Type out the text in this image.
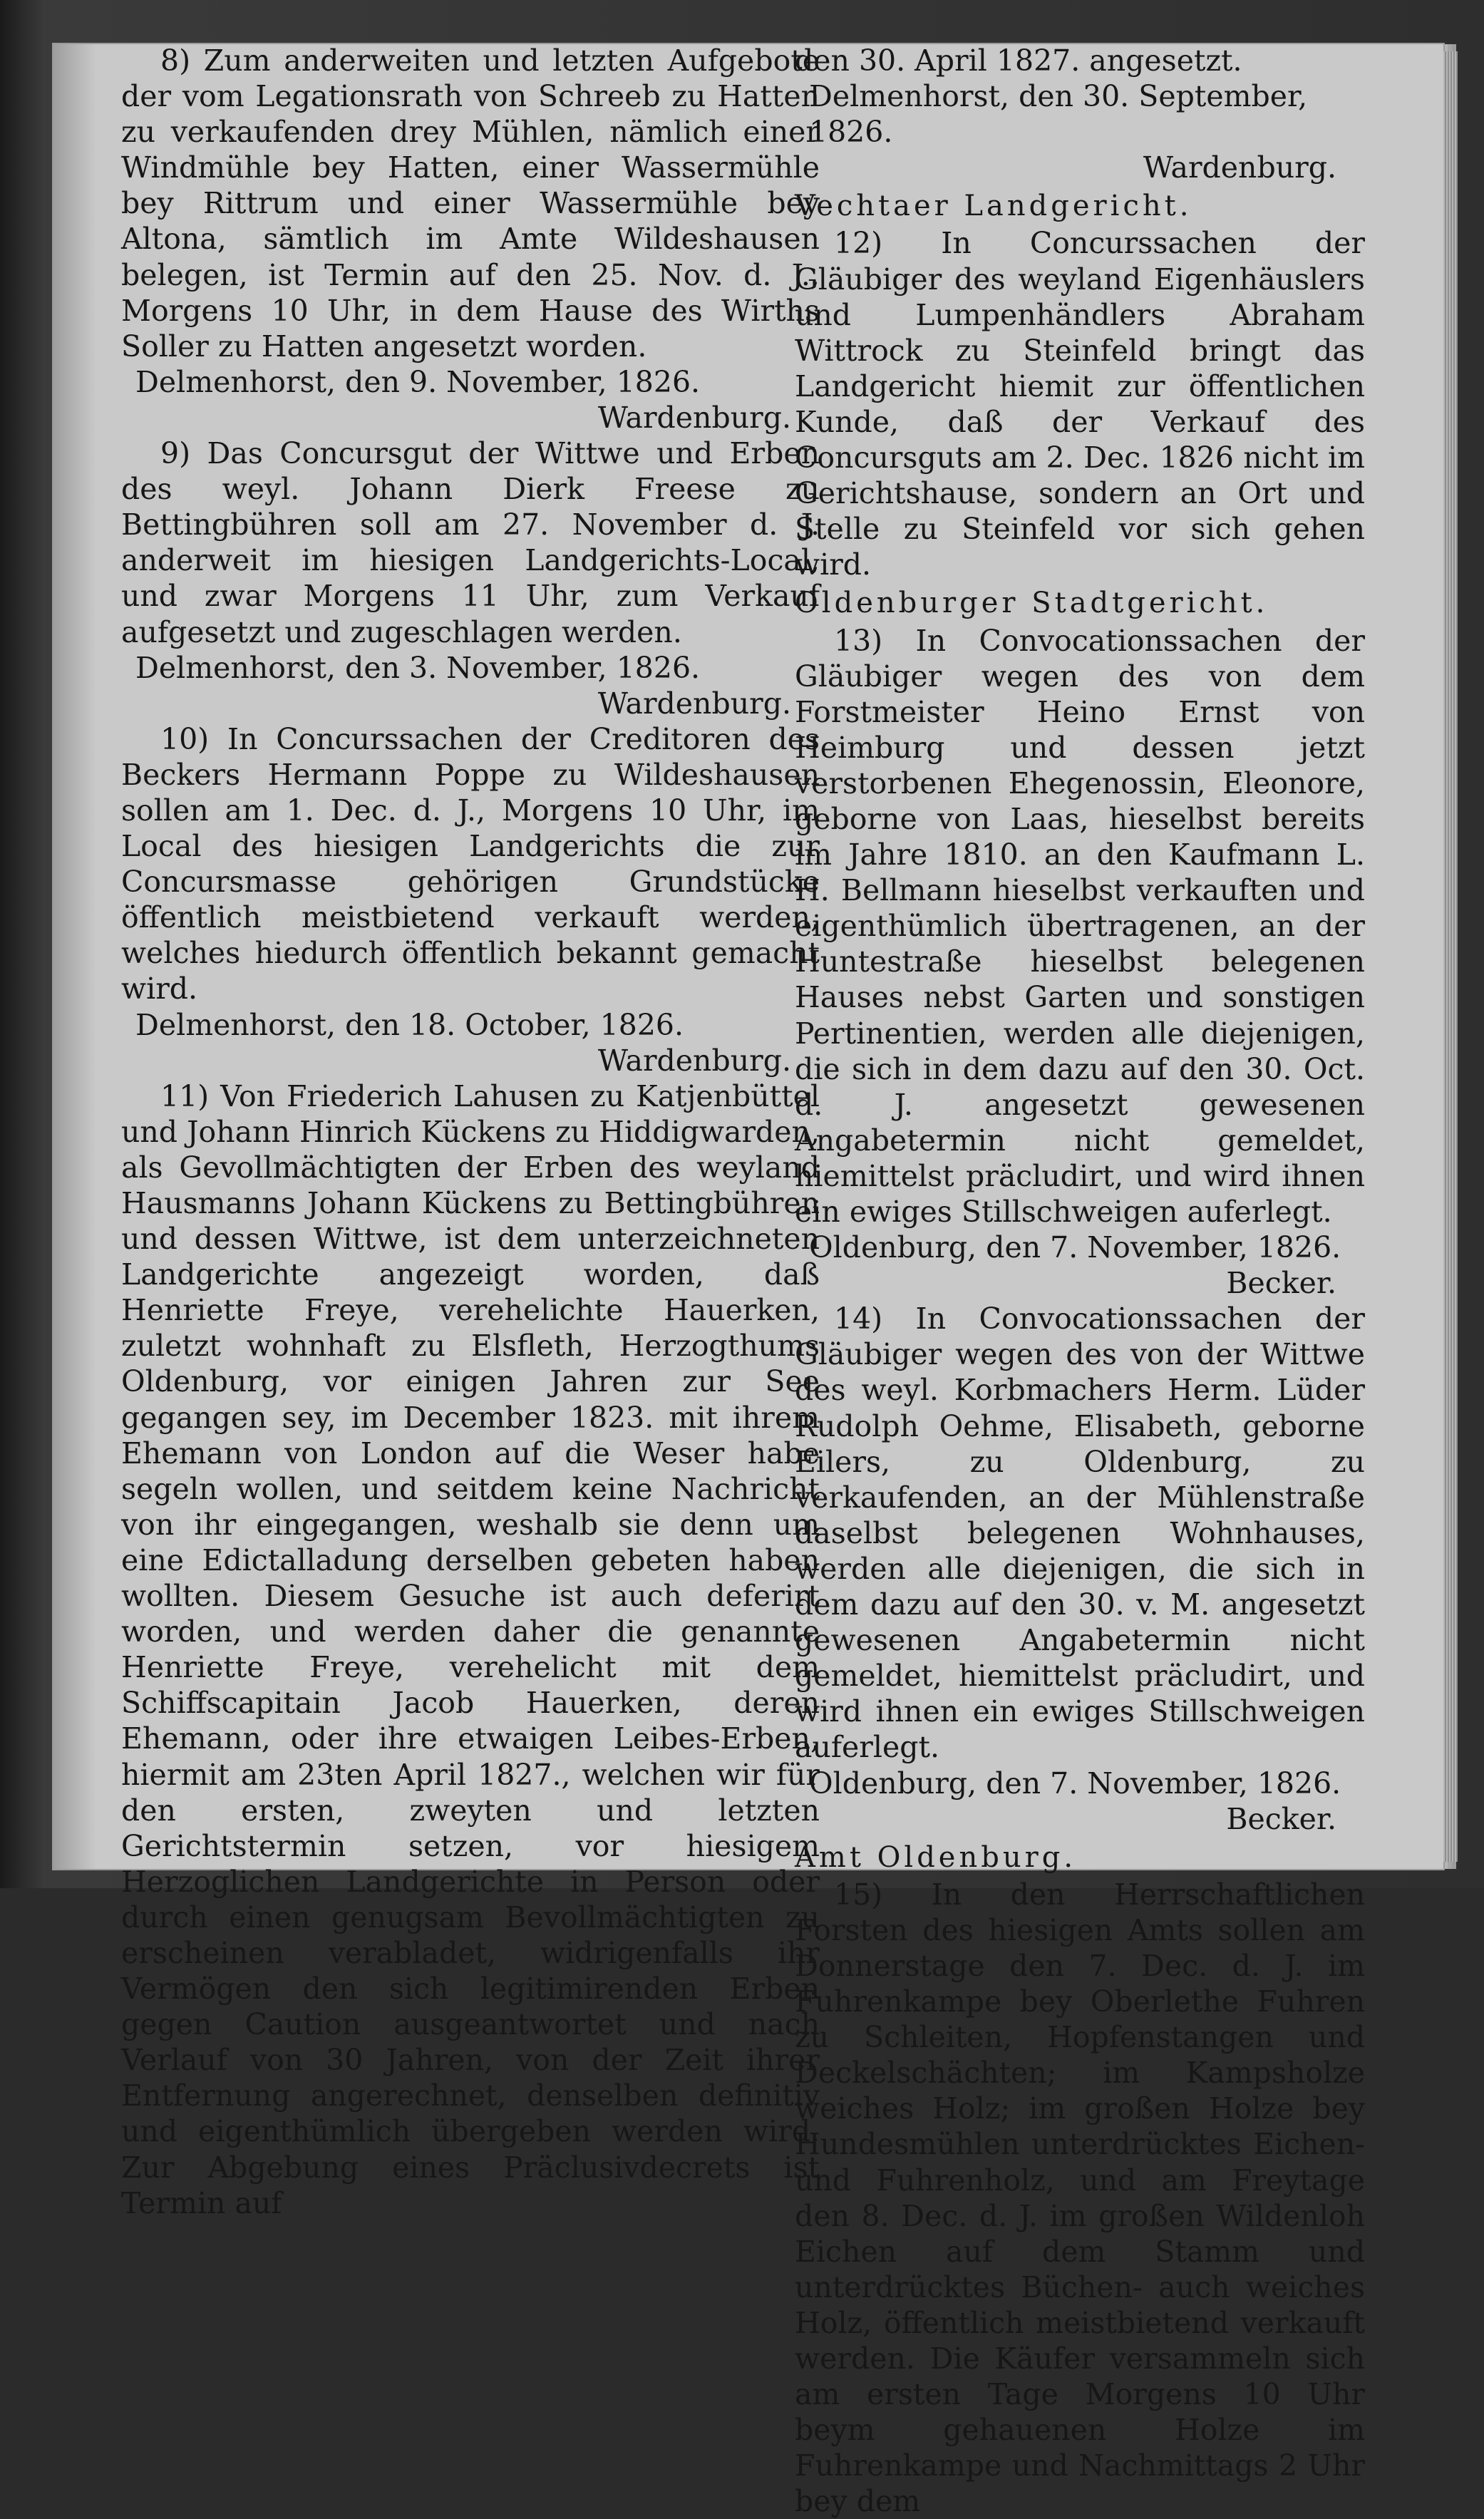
8) Zum anderweiten und letzten Aufgebote der vom Legationsrath von Schreeb zu Hatten zu verkaufenden drey Mühlen, nämlich einer Windmühle bey Hatten, einer Wassermühle bey Rittrum und einer Wassermühle bey Altona, sämtlich im Amte Wildeshausen belegen, ist Termin auf den 25. Nov. d. J., Morgens 10 Uhr, in dem Hause des Wirths Soller zu Hatten angesetzt worden.

Delmenhorst, den 9. November, 1826.

Wardenburg.

9) Das Concursgut der Wittwe und Erben des weyl. Johann Dierk Freese zu Bettingbühren soll am 27. November d. J. anderweit im hiesigen Landgerichts-Local, und zwar Morgens 11 Uhr, zum Verkauf aufgesetzt und zugeschlagen werden.

Delmenhorst, den 3. November, 1826.

Wardenburg.

10) In Concurssachen der Creditoren des Beckers Hermann Poppe zu Wildeshausen sollen am 1. Dec. d. J., Morgens 10 Uhr, im Local des hiesigen Landgerichts die zur Concursmasse gehörigen Grundstücke öffentlich meistbietend verkauft werden, welches hiedurch öffentlich bekannt gemacht wird.

Delmenhorst, den 18. October, 1826.

Wardenburg.

11) Von Friederich Lahusen zu Katjenbüttel und Johann Hinrich Kückens zu Hiddigwarden, als Gevollmächtigten der Erben des weyland Hausmanns Johann Kückens zu Bettingbühren und dessen Wittwe, ist dem unterzeichneten Landgerichte angezeigt worden, daß Henriette Freye, verehelichte Hauerken, zuletzt wohnhaft zu Elsfleth, Herzogthums Oldenburg, vor einigen Jahren zur See gegangen sey, im December 1823. mit ihrem Ehemann von London auf die Weser habe segeln wollen, und seitdem keine Nachricht von ihr eingegangen, weshalb sie denn um eine Edictalladung derselben gebeten haben wollten. Diesem Gesuche ist auch deferirt worden, und werden daher die genannte Henriette Freye, verehelicht mit dem Schiffscapitain Jacob Hauerken, deren Ehemann, oder ihre etwaigen Leibes-Erben, hiermit am 23ten April 1827., welchen wir für den ersten, zweyten und letzten Gerichtstermin setzen, vor hiesigem Herzoglichen Landgerichte in Person oder durch einen genugsam Bevollmächtigten zu erscheinen verabladet, widrigenfalls ihr Vermögen den sich legitimirenden Erben gegen Caution ausgeantwortet und nach Verlauf von 30 Jahren, von der Zeit ihrer Entfernung angerechnet, denselben definitiv und eigenthümlich übergeben werden wird. Zur Abgebung eines Präclusivdecrets ist Termin auf

den 30. April 1827. angesetzt.

Delmenhorst, den 30. September, 1826.

Wardenburg.

Vechtaer Landgericht.

12) In Concurssachen der Gläubiger des weyland Eigenhäuslers und Lumpenhändlers Abraham Wittrock zu Steinfeld bringt das Landgericht hiemit zur öffentlichen Kunde, daß der Verkauf des Concursguts am 2. Dec. 1826 nicht im Gerichtshause, sondern an Ort und Stelle zu Steinfeld vor sich gehen wird.

Oldenburger Stadtgericht.

13) In Convocationssachen der Gläubiger wegen des von dem Forstmeister Heino Ernst von Heimburg und dessen jetzt verstorbenen Ehegenossin, Eleonore, geborne von Laas, hieselbst bereits im Jahre 1810. an den Kaufmann L. H. Bellmann hieselbst verkauften und eigenthümlich übertragenen, an der Huntestraße hieselbst belegenen Hauses nebst Garten und sonstigen Pertinentien, werden alle diejenigen, die sich in dem dazu auf den 30. Oct. d. J. angesetzt gewesenen Angabetermin nicht gemeldet, hiemittelst präcludirt, und wird ihnen ein ewiges Stillschweigen auferlegt.

Oldenburg, den 7. November, 1826.

Becker.

14) In Convocationssachen der Gläubiger wegen des von der Wittwe des weyl. Korbmachers Herm. Lüder Rudolph Oehme, Elisabeth, geborne Eilers, zu Oldenburg, zu verkaufenden, an der Mühlenstraße daselbst belegenen Wohnhauses, werden alle diejenigen, die sich in dem dazu auf den 30. v. M. angesetzt gewesenen Angabetermin nicht gemeldet, hiemittelst präcludirt, und wird ihnen ein ewiges Stillschweigen auferlegt.

Oldenburg, den 7. November, 1826.

Becker.

Amt Oldenburg.

15) In den Herrschaftlichen Forsten des hiesigen Amts sollen am Donnerstage den 7. Dec. d. J. im Fuhrenkampe bey Oberlethe Fuhren zu Schleiten, Hopfenstangen und Deckelschächten; im Kampsholze weiches Holz; im großen Holze bey Hundesmühlen unterdrücktes Eichen- und Fuhrenholz, und am Freytage den 8. Dec. d. J. im großen Wildenloh Eichen auf dem Stamm und unterdrücktes Büchen- auch weiches Holz, öffentlich meistbietend verkauft werden. Die Käufer versammeln sich am ersten Tage Morgens 10 Uhr beym gehauenen Holze im Fuhrenkampe und Nachmittags 2 Uhr bey dem
